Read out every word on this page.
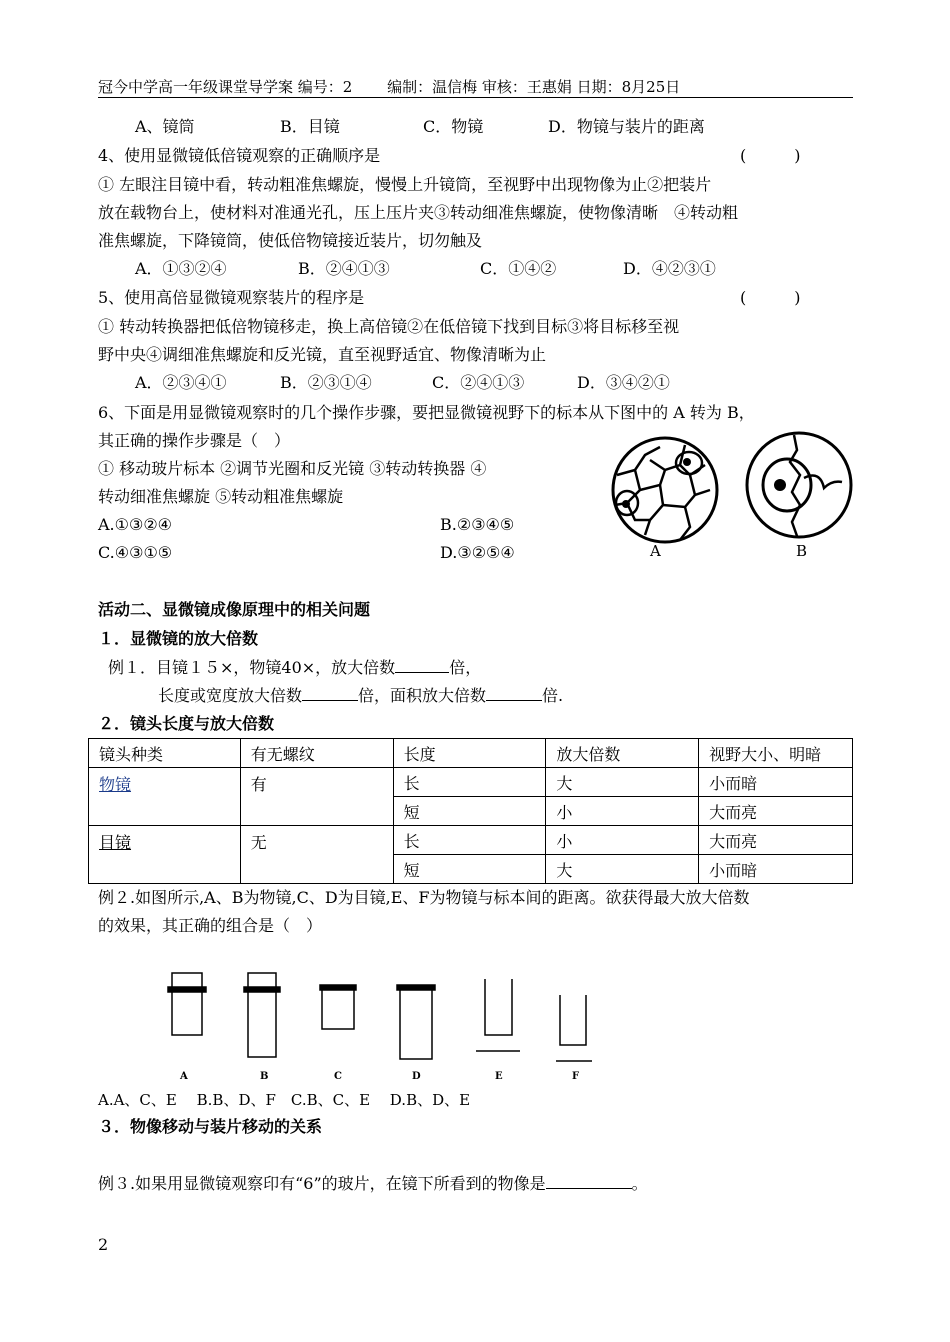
冠今中学高一年级课堂导学案 编号：2 　　编制：温信梅 审核：王惠娟 日期：8月25日
A、镜筒	B．目镜	C．物镜	D．物镜与装片的距离
4、使用显微镜低倍镜观察的正确顺序是	(　　　)
① 左眼注目镜中看，转动粗准焦螺旋，慢慢上升镜筒，至视野中出现物像为止②把装片
放在载物台上，使材料对准通光孔，压上压片夹③转动细准焦螺旋，使物像清晰　④转动粗
准焦螺旋，下降镜筒，使低倍物镜接近装片，切勿触及
A．①③②④	B．②④①③	C．①④②	D．④②③①
5、使用高倍显微镜观察装片的程序是	(　　　)
① 转动转换器把低倍物镜移走，换上高倍镜②在低倍镜下找到目标③将目标移至视
野中央④调细准焦螺旋和反光镜，直至视野适宜、物像清晰为止
A．②③④①	B．②③①④	C．②④①③	D．③④②①
6、下面是用显微镜观察时的几个操作步骤，要把显微镜视野下的标本从下图中的 A 转为 B，
其正确的操作步骤是（　）
① 移动玻片标本 ②调节光圈和反光镜 ③转动转换器 ④
转动细准焦螺旋 ⑤转动粗准焦螺旋
A.①③②④	B.②③④⑤
C.④③①⑤	D.③②⑤④	A	B
活动二、显微镜成像原理中的相关问题
１．显微镜的放大倍数
例１．目镜１５×，物镜40×，放大倍数	倍，
长度或宽度放大倍数	倍，面积放大倍数	倍.
２．镜头长度与放大倍数
镜头种类	有无螺纹	长度	放大倍数	视野大小、明暗
物镜	有	长	大	小而暗
		短	小	大而亮
目镜	无	长	小	大而亮
		短	大	小而暗
例２.如图所示,A、B为物镜,C、D为目镜,E、F为物镜与标本间的距离。欲获得最大放大倍数
的效果，其正确的组合是（　）
A	B	C	D	E	F
A.A、C、E　 B.B、D、F　C.B、C、E　 D.B、D、E
３．物像移动与装片移动的关系
例３.如果用显微镜观察印有“6”的玻片，在镜下所看到的物像是	。
2
